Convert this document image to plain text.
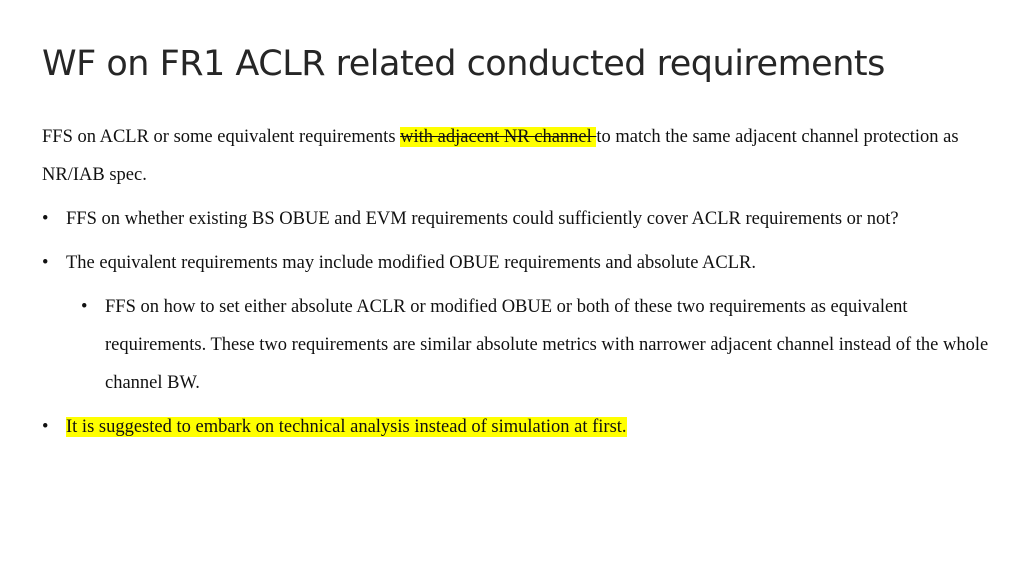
WF on FR1 ACLR related conducted requirements

FFS on ACLR or some equivalent requirements with adjacent NR channel to match the same adjacent channel protection as NR/IAB spec.

• FFS on whether existing BS OBUE and EVM requirements could sufficiently cover ACLR requirements or not?
• The equivalent requirements may include modified OBUE requirements and absolute ACLR.
• FFS on how to set either absolute ACLR or modified OBUE or both of these two requirements as equivalent requirements. These two requirements are similar absolute metrics with narrower adjacent channel instead of the whole channel BW.
• It is suggested to embark on technical analysis instead of simulation at first.
